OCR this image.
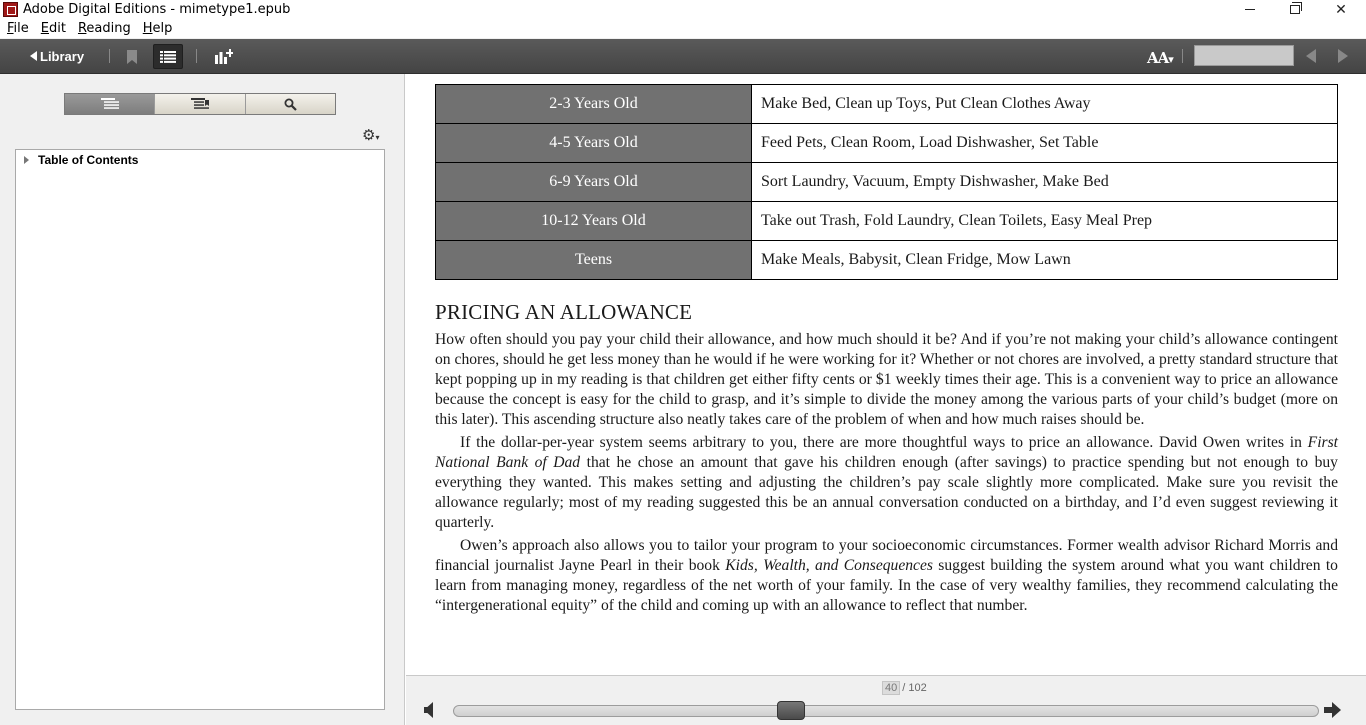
Adobe Digital Editions - mimetype1.epub	✕
File Edit Reading Help
Library	AA▾
⚙▾
Table of Contents
2-3 Years Old	Make Bed, Clean up Toys, Put Clean Clothes Away
4-5 Years Old	Feed Pets, Clean Room, Load Dishwasher, Set Table
6-9 Years Old	Sort Laundry, Vacuum, Empty Dishwasher, Make Bed
10-12 Years Old	Take out Trash, Fold Laundry, Clean Toilets, Easy Meal Prep
Teens	Make Meals, Babysit, Clean Fridge, Mow Lawn
PRICING AN ALLOWANCE

How often should you pay your child their allowance, and how much should it be? And if you’re not making your child’s allowance contingent on chores, should he get less money than he would if he were working for it? Whether or not chores are involved, a pretty standard structure that kept popping up in my reading is that children get either fifty cents or $1 weekly times their age. This is a convenient way to price an allowance because the concept is easy for the child to grasp, and it’s simple to divide the money among the various parts of your child’s budget (more on this later). This ascending structure also neatly takes care of the problem of when and how much raises should be.

If the dollar-per-year system seems arbitrary to you, there are more thoughtful ways to price an allowance. David Owen writes in First National Bank of Dad that he chose an amount that gave his children enough (after savings) to practice spending but not enough to buy everything they wanted. This makes setting and adjusting the children’s pay scale slightly more complicated. Make sure you revisit the allowance regularly; most of my reading suggested this be an annual conversation conducted on a birthday, and I’d even suggest reviewing it quarterly.

Owen’s approach also allows you to tailor your program to your socioeconomic circumstances. Former wealth advisor Richard Morris and financial journalist Jayne Pearl in their book Kids, Wealth, and Consequences suggest building the system around what you want children to learn from managing money, regardless of the net worth of your family. In the case of very wealthy families, they recommend calculating the “intergenerational equity” of the child and coming up with an allowance to reflect that number.

40 /
102
